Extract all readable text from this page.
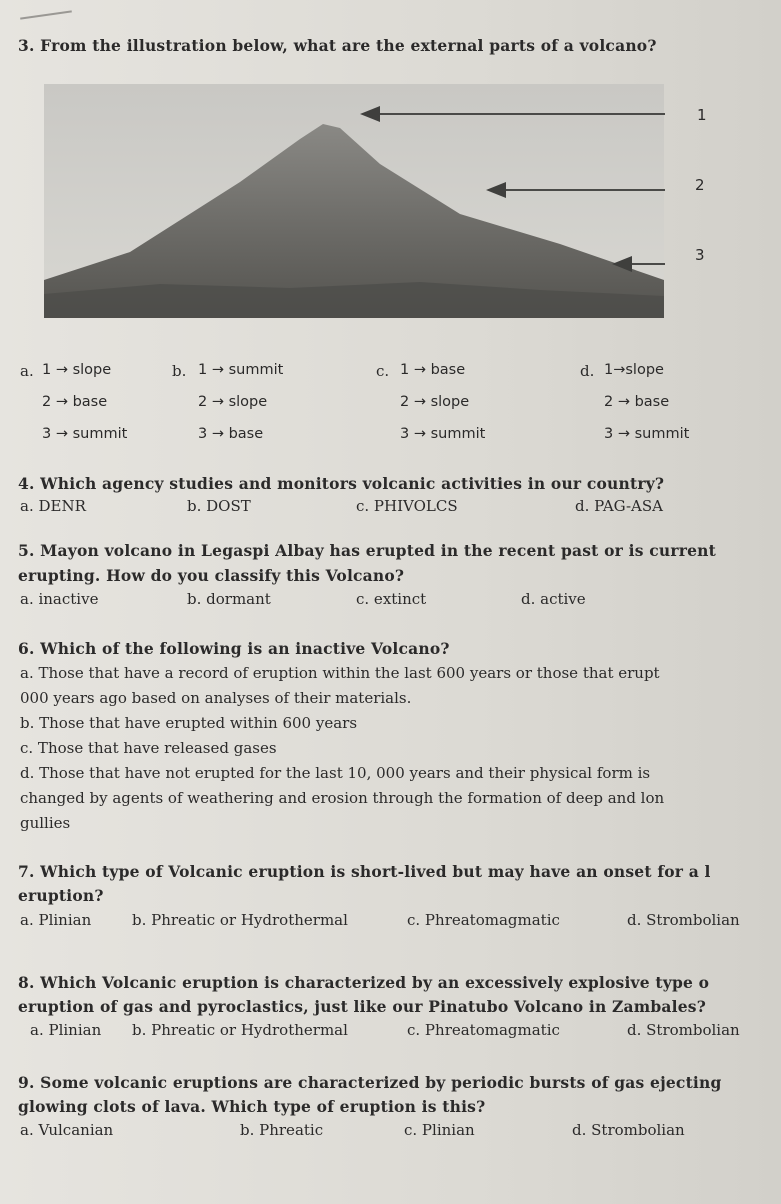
3. From the illustration below, what are the external parts of a volcano?
1
2
3
a. 1 → slope
2 → base
3 → summit
b. 1 → summit
2 → slope
3 → base
c. 1 → base
2 → slope
3 → summit
d. 1→slope
2 → base
3 → summit
4. Which agency studies and monitors volcanic activities in our country?
a. DENR	b. DOST	c. PHIVOLCS	d. PAG-ASA
5. Mayon volcano in Legaspi Albay has erupted in the recent past or is current
erupting. How do you classify this Volcano?
a. inactive	b. dormant	c. extinct	d. active
6. Which of the following is an inactive Volcano?
a. Those that have a record of eruption within the last 600 years or those that erupt
000 years ago based on analyses of their materials.
b. Those that have erupted within 600 years
c. Those that have released gases
d. Those that have not erupted for the last 10, 000 years and their physical form is
changed by agents of weathering and erosion through the formation of deep and lon
gullies
7. Which type of Volcanic eruption is short-lived but may have an onset for a l
eruption?
a. Plinian	b. Phreatic or Hydrothermal	c. Phreatomagmatic	d. Strombolian
8. Which Volcanic eruption is characterized by an excessively explosive type o
eruption of gas and pyroclastics, just like our Pinatubo Volcano in Zambales?
a. Plinian b. Phreatic or Hydrothermal	c. Phreatomagmatic	d. Strombolian
9. Some volcanic eruptions are characterized by periodic bursts of gas ejecting
glowing clots of lava. Which type of eruption is this?
a. Vulcanian	b. Phreatic	c. Plinian	d. Strombolian
